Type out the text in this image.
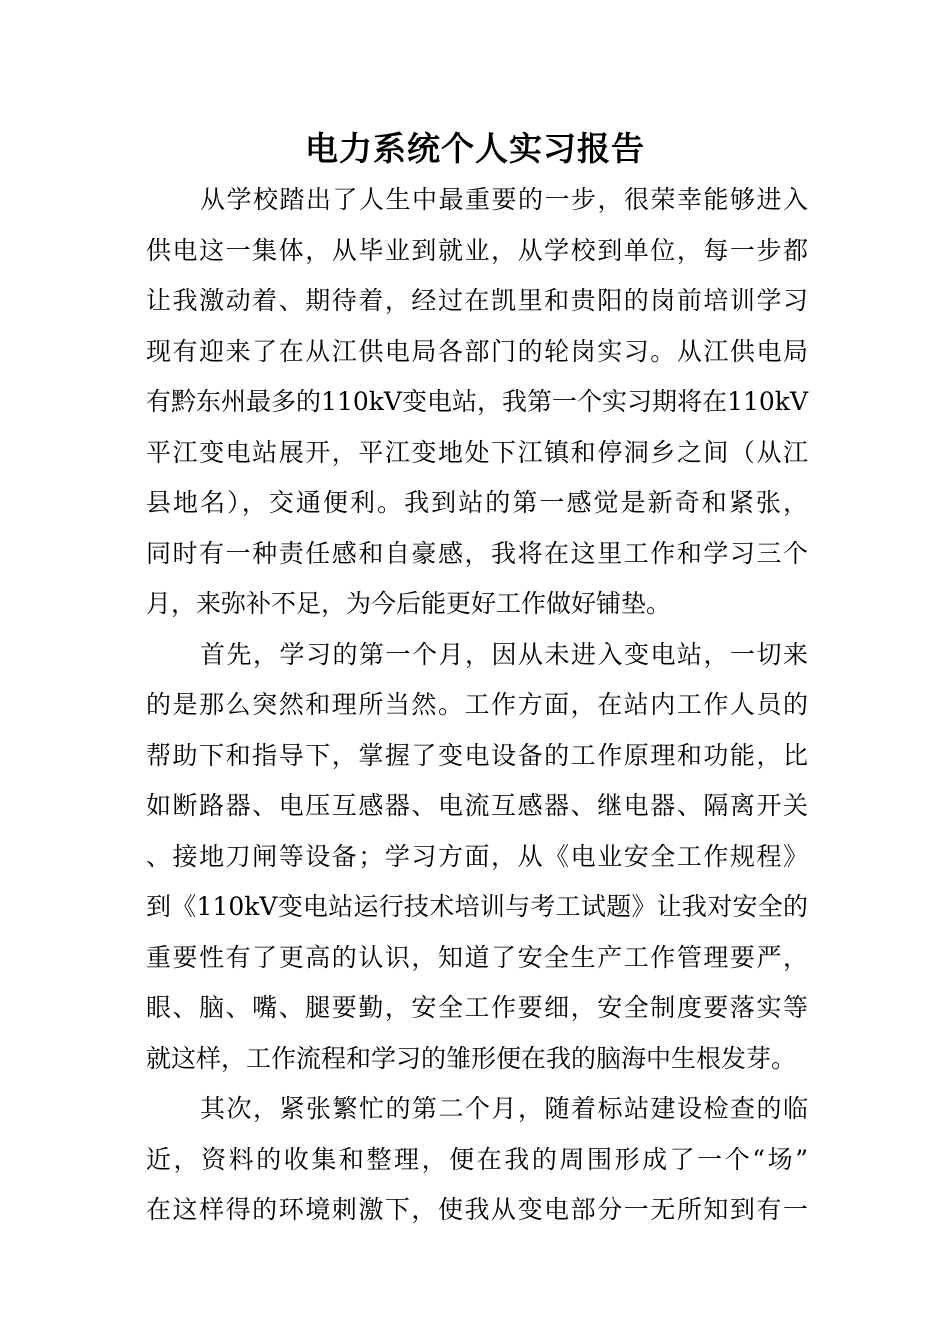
电力系统个人实习报告
从学校踏出了人生中最重要的一步，很荣幸能够进入
供电这一集体，从毕业到就业，从学校到单位，每一步都
让我激动着、期待着，经过在凯里和贵阳的岗前培训学习
现有迎来了在从江供电局各部门的轮岗实习。从江供电局
有黔东州最多的110kV变电站，我第一个实习期将在110kV
平江变电站展开，平江变地处下江镇和停洞乡之间（从江
县地名），交通便利。我到站的第一感觉是新奇和紧张，
同时有一种责任感和自豪感，我将在这里工作和学习三个
月，来弥补不足，为今后能更好工作做好铺垫。
首先，学习的第一个月，因从未进入变电站，一切来
的是那么突然和理所当然。工作方面，在站内工作人员的
帮助下和指导下，掌握了变电设备的工作原理和功能，比
如断路器、电压互感器、电流互感器、继电器、隔离开关
、接地刀闸等设备；学习方面，从《电业安全工作规程》
到《110kV变电站运行技术培训与考工试题》让我对安全的
重要性有了更高的认识，知道了安全生产工作管理要严，
眼、脑、嘴、腿要勤，安全工作要细，安全制度要落实等
就这样，工作流程和学习的雏形便在我的脑海中生根发芽。
其次，紧张繁忙的第二个月，随着标站建设检查的临
近，资料的收集和整理，便在我的周围形成了一个“场”
在这样得的环境刺激下，使我从变电部分一无所知到有一
